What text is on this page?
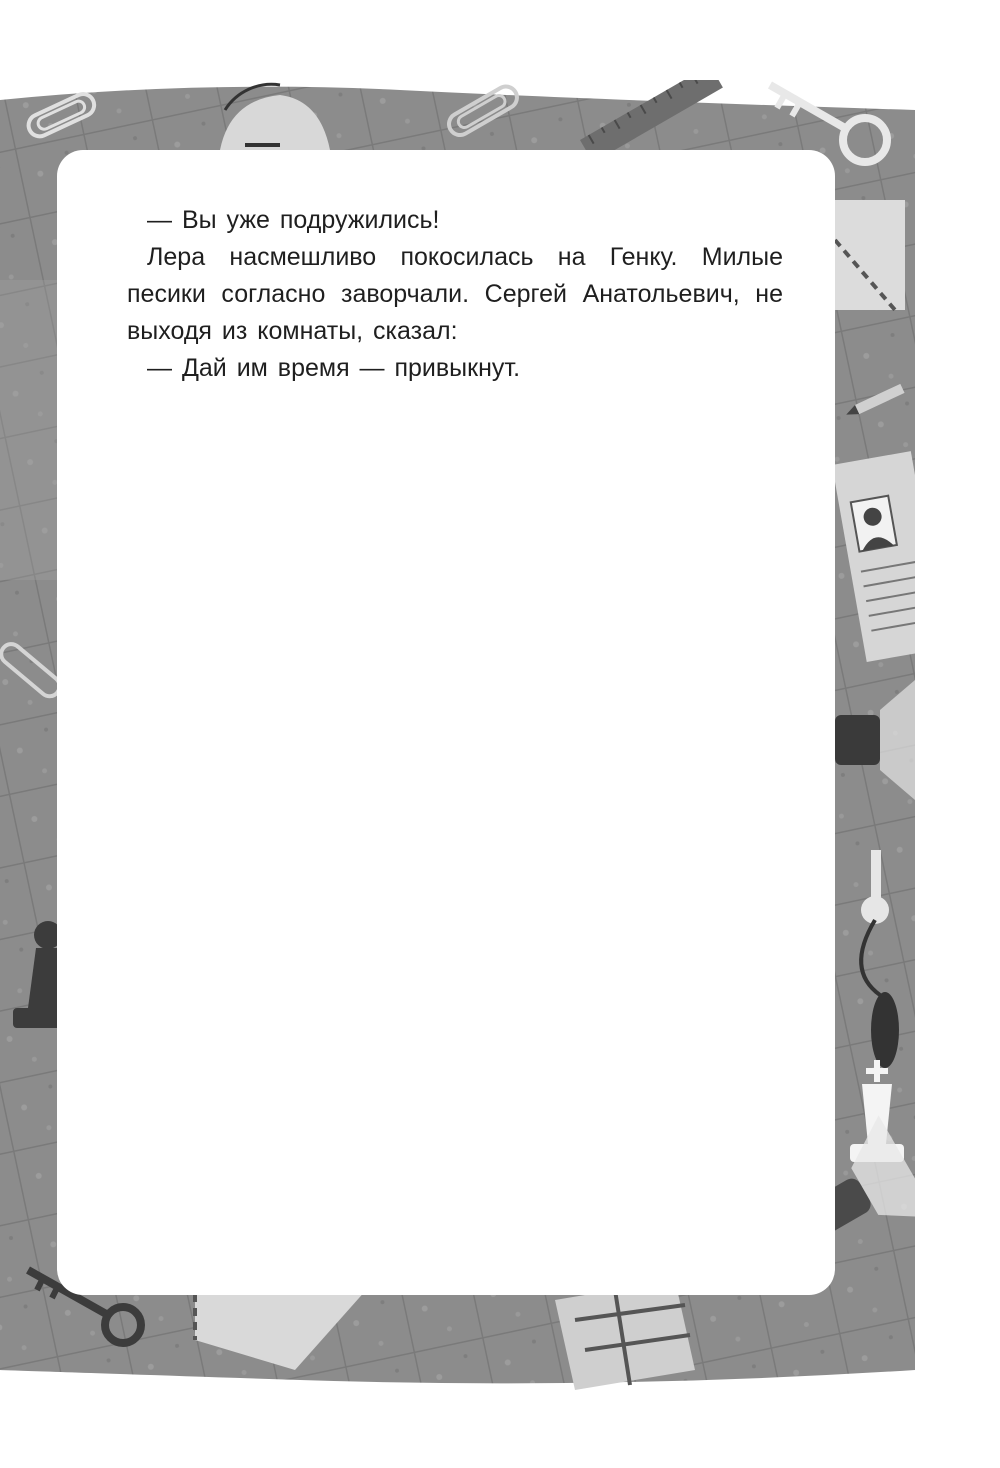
— Вы уже подружились!

Лера насмешливо покосилась на Генку. Милые песики согласно заворчали. Сергей Анатольевич, не выходя из комнаты, сказал:

— Дай им время — привыкнут.
